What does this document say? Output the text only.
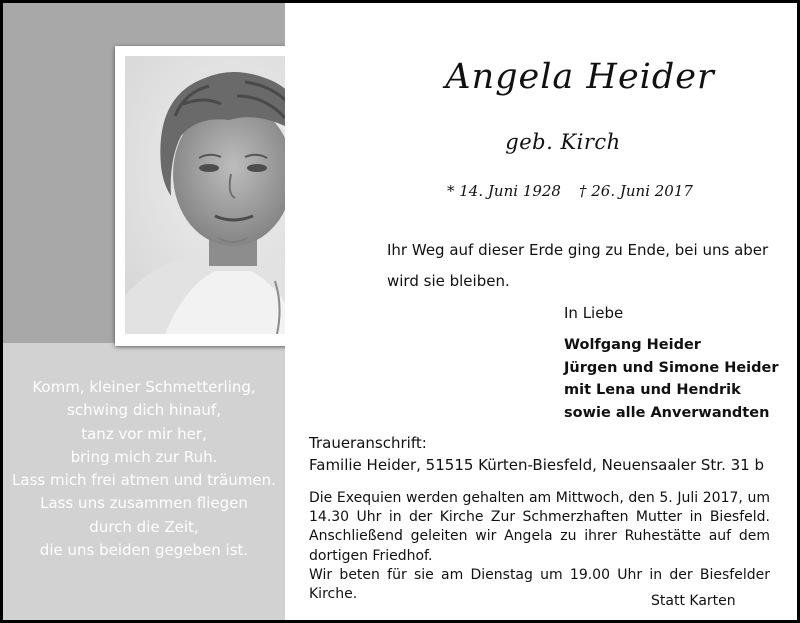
Komm, kleiner Schmetterling,
schwing dich hinauf,
tanz vor mir her,
bring mich zur Ruh.
Lass mich frei atmen und träumen.
Lass uns zusammen fliegen
durch die Zeit,
die uns beiden gegeben ist.
Angela Heider
geb. Kirch
* 14. Juni 1928 † 26. Juni 2017
Ihr Weg auf dieser Erde ging zu Ende, bei uns aber wird sie bleiben.
In Liebe
Wolfgang Heider
Jürgen und Simone Heider
mit Lena und Hendrik
sowie alle Anverwandten
Traueranschrift:
Familie Heider, 51515 Kürten-Biesfeld, Neuensaaler Str. 31 b

Die Exequien werden gehalten am Mittwoch, den 5. Juli 2017, um 14.30 Uhr in der Kirche Zur Schmerzhaften Mutter in Biesfeld. Anschließend geleiten wir Angela zu ihrer Ruhestätte auf dem dortigen Friedhof.

Wir beten für sie am Dienstag um 19.00 Uhr in der Biesfelder Kirche.	Statt Karten
